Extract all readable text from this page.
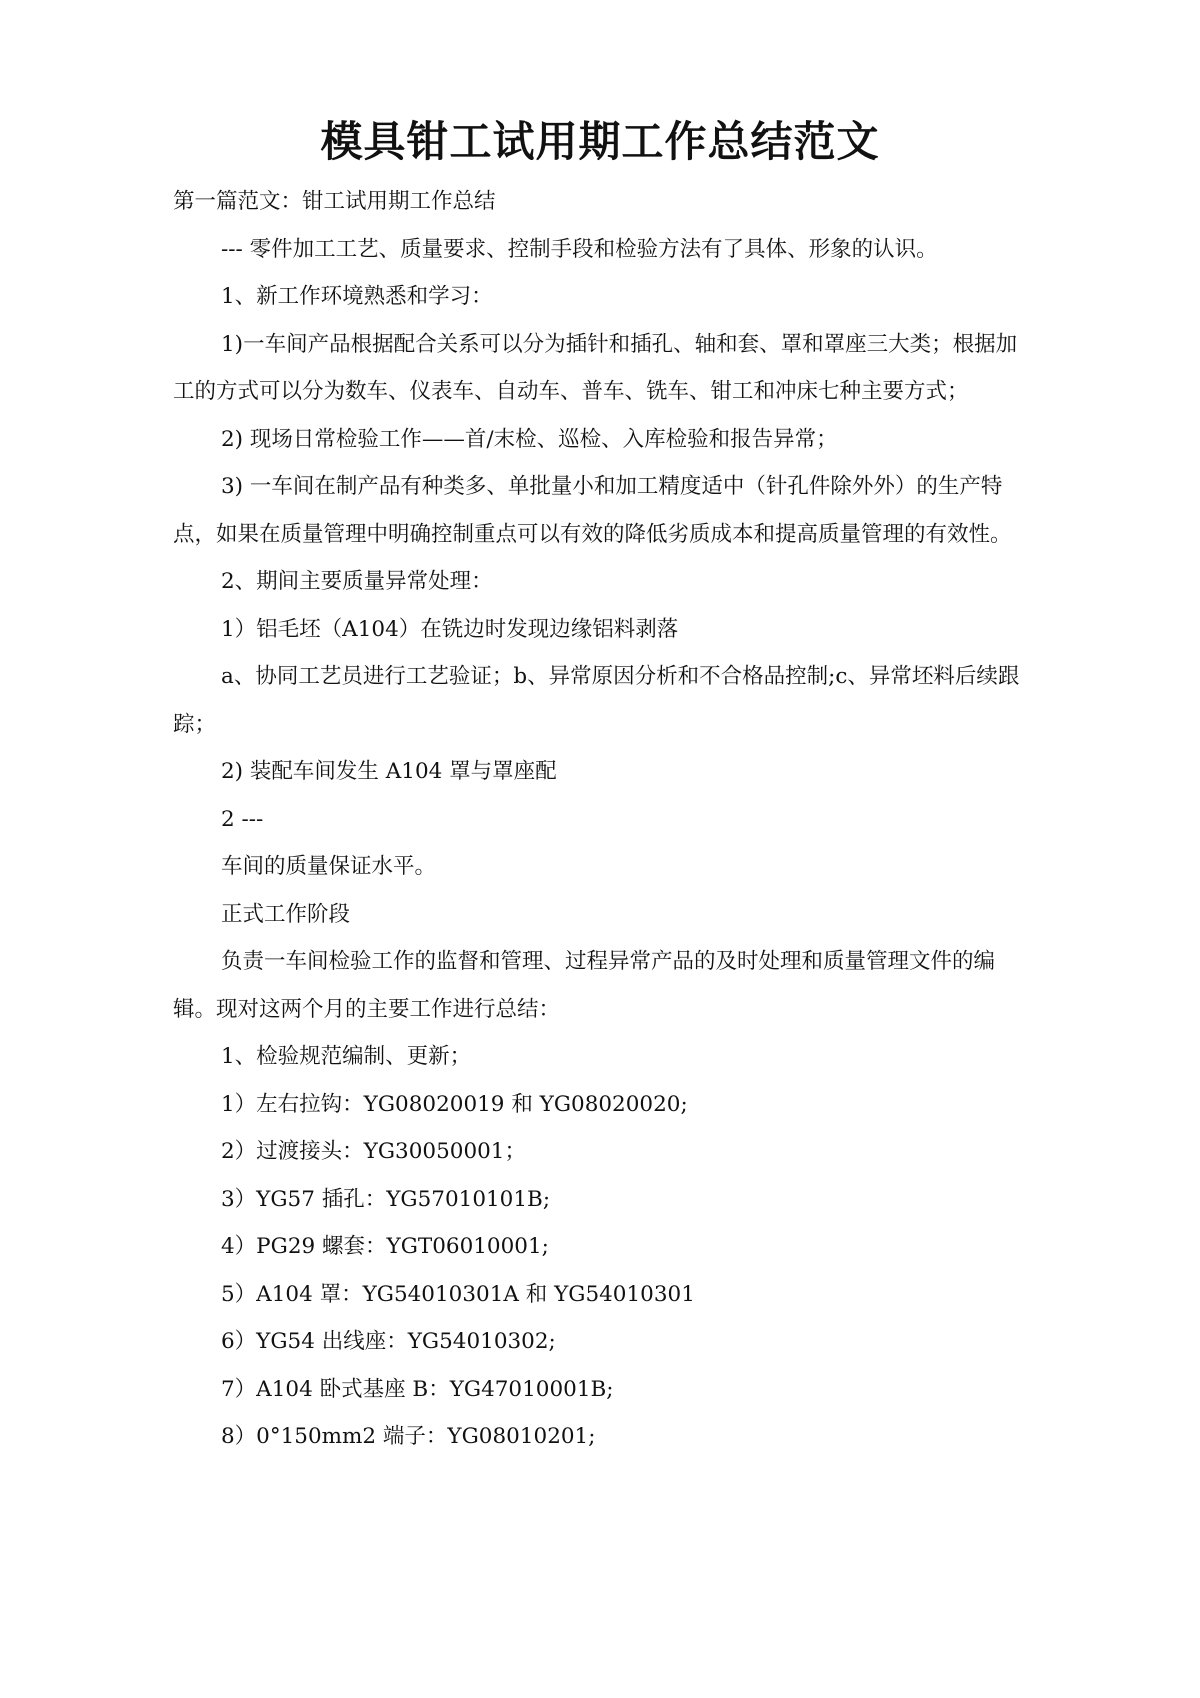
模具钳工试用期工作总结范文

第一篇范文：钳工试用期工作总结

--- 零件加工工艺、质量要求、控制手段和检验方法有了具体、形象的认识。

1、新工作环境熟悉和学习：

1)一车间产品根据配合关系可以分为插针和插孔、轴和套、罩和罩座三大类；根据加工的方式可以分为数车、仪表车、自动车、普车、铣车、钳工和冲床七种主要方式；

2) 现场日常检验工作——首/末检、巡检、入库检验和报告异常；

3) 一车间在制产品有种类多、单批量小和加工精度适中（针孔件除外外）的生产特点，如果在质量管理中明确控制重点可以有效的降低劣质成本和提高质量管理的有效性。

2、期间主要质量异常处理：

1）铝毛坯（A104）在铣边时发现边缘铝料剥落

a、协同工艺员进行工艺验证；b、异常原因分析和不合格品控制;c、异常坯料后续跟踪；

2) 装配车间发生 A104 罩与罩座配

2 ---

车间的质量保证水平。

正式工作阶段

负责一车间检验工作的监督和管理、过程异常产品的及时处理和质量管理文件的编辑。现对这两个月的主要工作进行总结：

1、检验规范编制、更新；

1）左右拉钩：YG08020019 和 YG08020020;

2）过渡接头：YG30050001；

3）YG57 插孔：YG57010101B;

4）PG29 螺套：YGT06010001;

5）A104 罩：YG54010301A 和 YG54010301

6）YG54 出线座：YG54010302;

7）A104 卧式基座 B：YG47010001B;

8）0°150mm2 端子：YG08010201;
